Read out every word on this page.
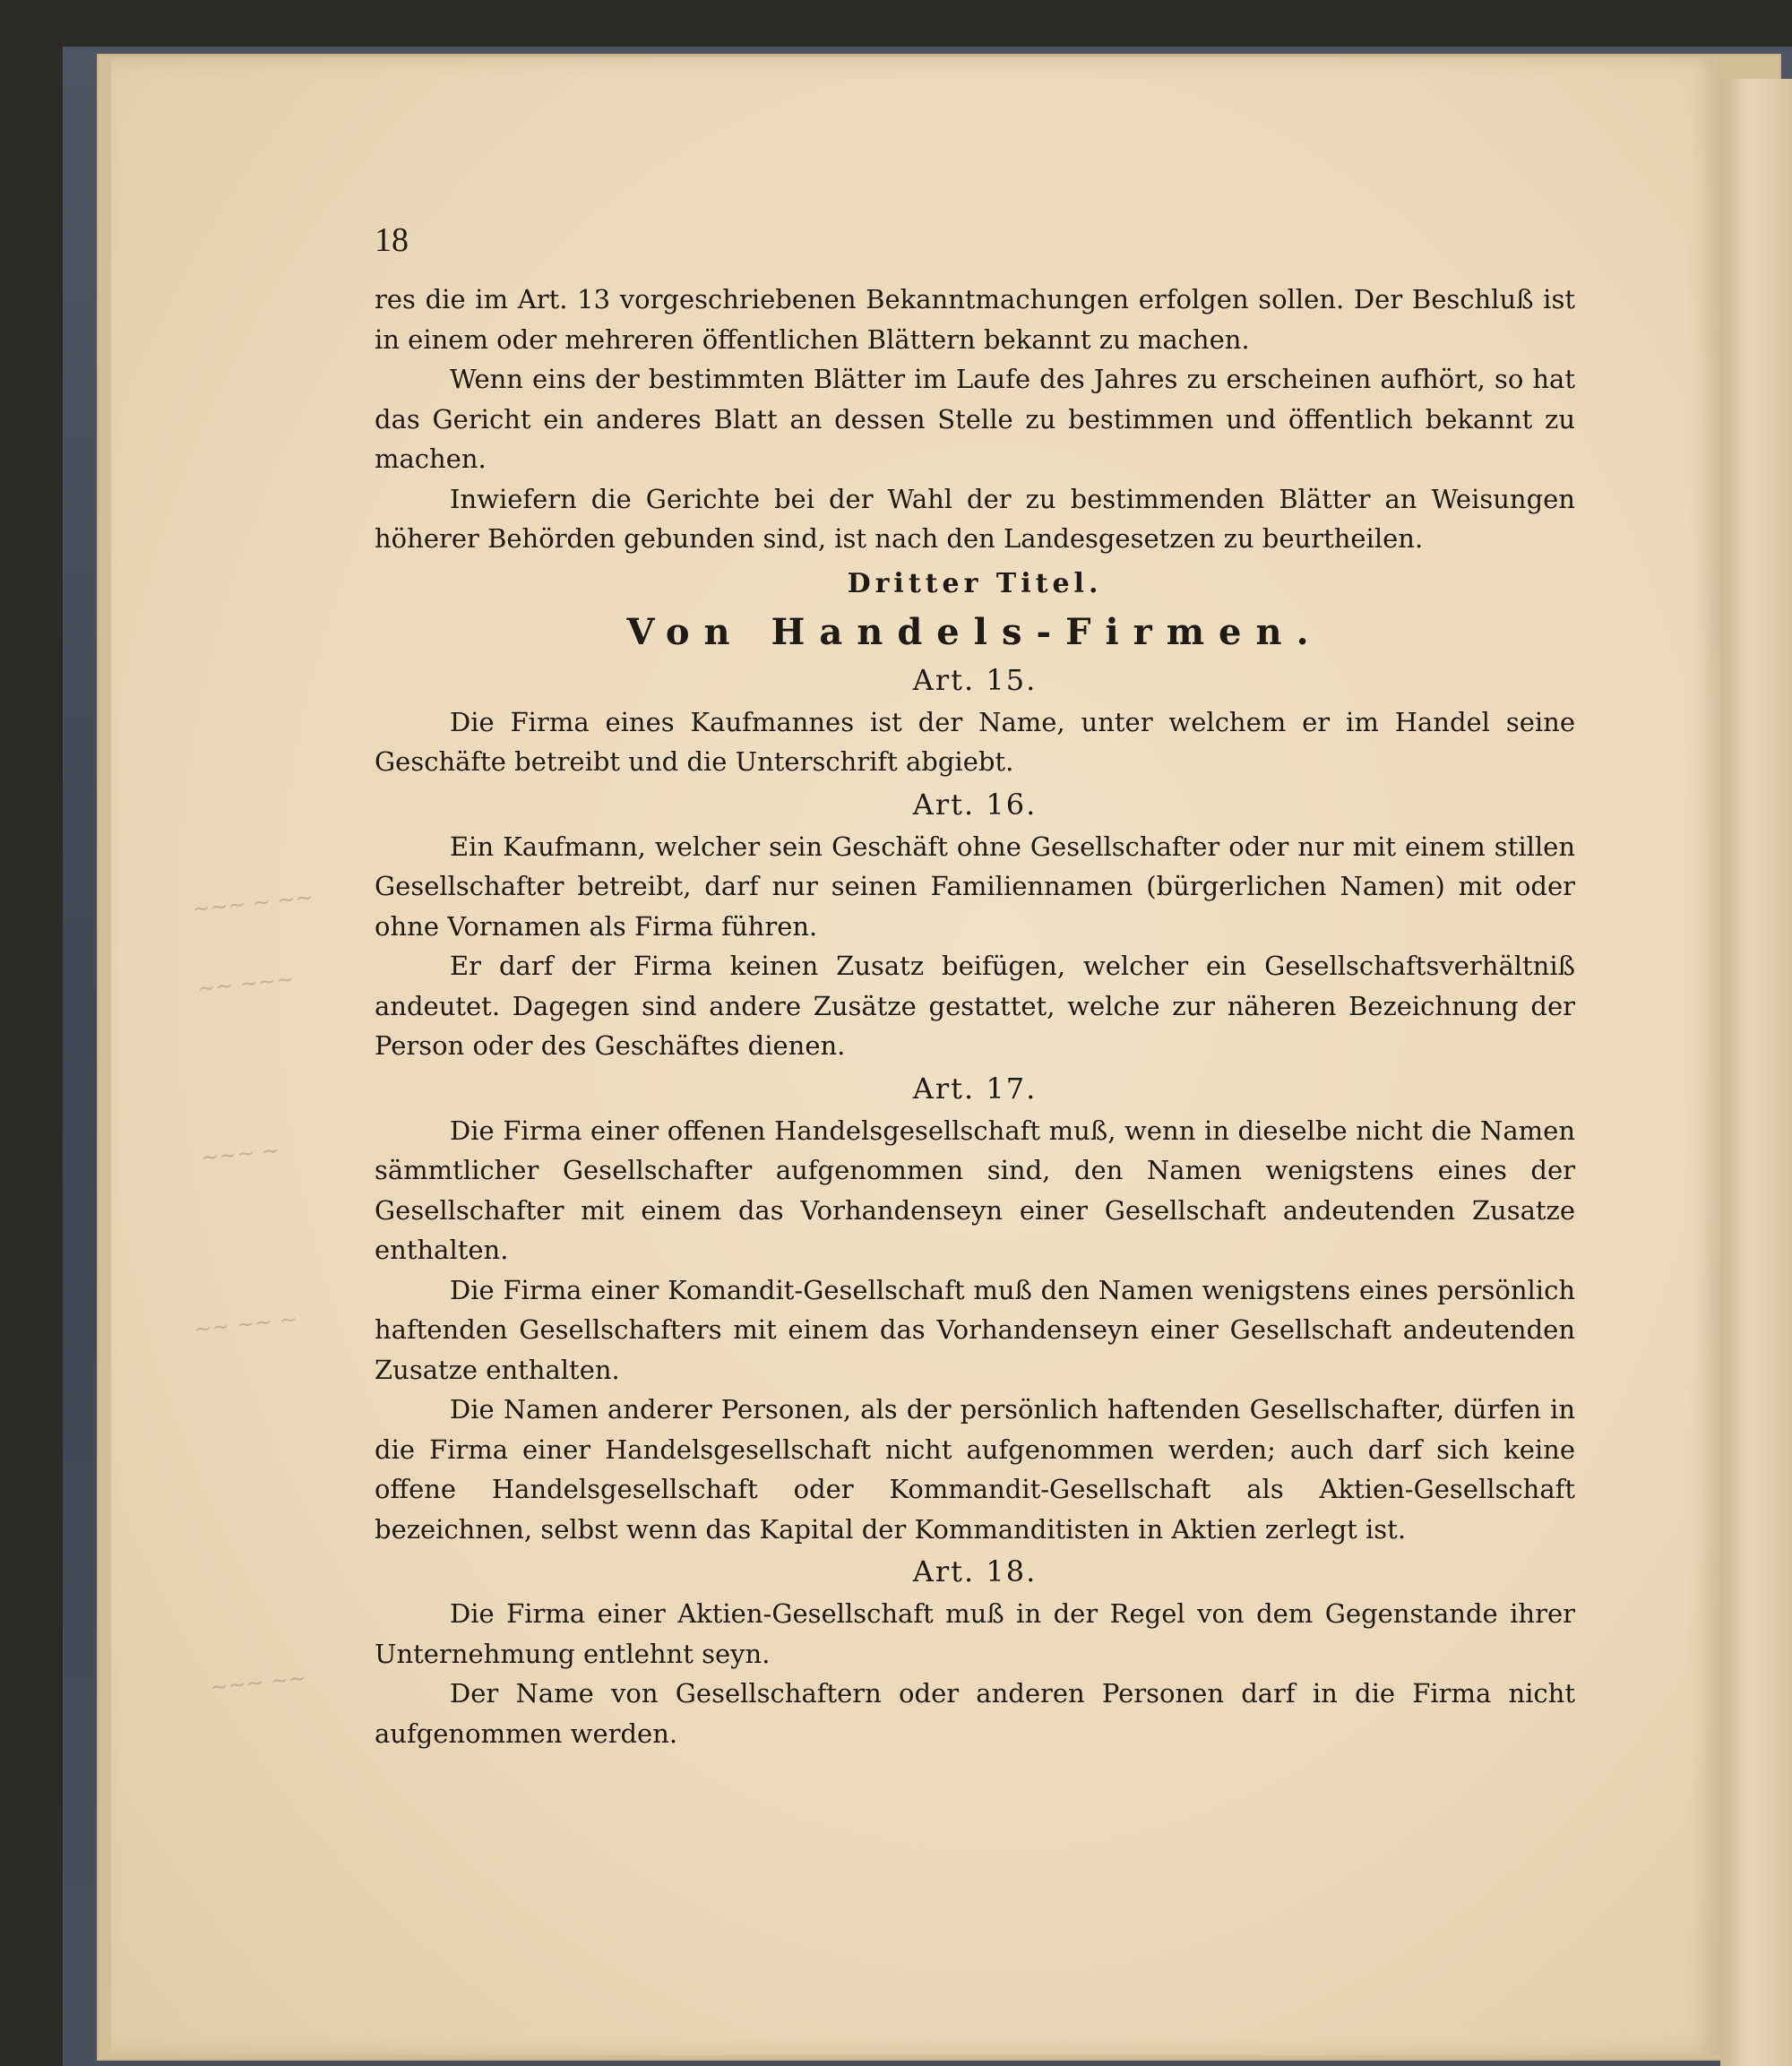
~~~ ~ ~~
~~ ~~~
~~~ ~
~~ ~~ ~
~~~ ~~
18

res die im Art. 13 vorgeschriebenen Bekanntmachungen erfolgen sollen. Der Beschluß ist in einem oder mehreren öffentlichen Blättern bekannt zu machen.

Wenn eins der bestimmten Blätter im Laufe des Jahres zu erscheinen aufhört, so hat das Gericht ein anderes Blatt an dessen Stelle zu bestimmen und öffentlich bekannt zu machen.

Inwiefern die Gerichte bei der Wahl der zu bestimmenden Blätter an Weisungen höherer Behörden gebunden sind, ist nach den Landesgesetzen zu beurtheilen.

Dritter Titel.
Von Handels-Firmen.
Art. 15.

Die Firma eines Kaufmannes ist der Name, unter welchem er im Handel seine Geschäfte betreibt und die Unterschrift abgiebt.

Art. 16.

Ein Kaufmann, welcher sein Geschäft ohne Gesellschafter oder nur mit einem stillen Gesellschafter betreibt, darf nur seinen Familiennamen (bürgerlichen Namen) mit oder ohne Vornamen als Firma führen.

Er darf der Firma keinen Zusatz beifügen, welcher ein Gesellschaftsverhältniß andeutet. Dagegen sind andere Zusätze gestattet, welche zur näheren Bezeichnung der Person oder des Geschäftes dienen.

Art. 17.

Die Firma einer offenen Handelsgesellschaft muß, wenn in dieselbe nicht die Namen sämmtlicher Gesellschafter aufgenommen sind, den Namen wenigstens eines der Gesellschafter mit einem das Vorhandenseyn einer Gesellschaft andeutenden Zusatze enthalten.

Die Firma einer Komandit-Gesellschaft muß den Namen wenigstens eines persönlich haftenden Gesellschafters mit einem das Vorhandenseyn einer Gesellschaft andeutenden Zusatze enthalten.

Die Namen anderer Personen, als der persönlich haftenden Gesellschafter, dürfen in die Firma einer Handelsgesellschaft nicht aufgenommen werden; auch darf sich keine offene Handelsgesellschaft oder Kommandit-Gesellschaft als Aktien-Gesellschaft bezeichnen, selbst wenn das Kapital der Kommanditisten in Aktien zerlegt ist.

Art. 18.

Die Firma einer Aktien-Gesellschaft muß in der Regel von dem Gegenstande ihrer Unternehmung entlehnt seyn.

Der Name von Gesellschaftern oder anderen Personen darf in die Firma nicht aufgenommen werden.
